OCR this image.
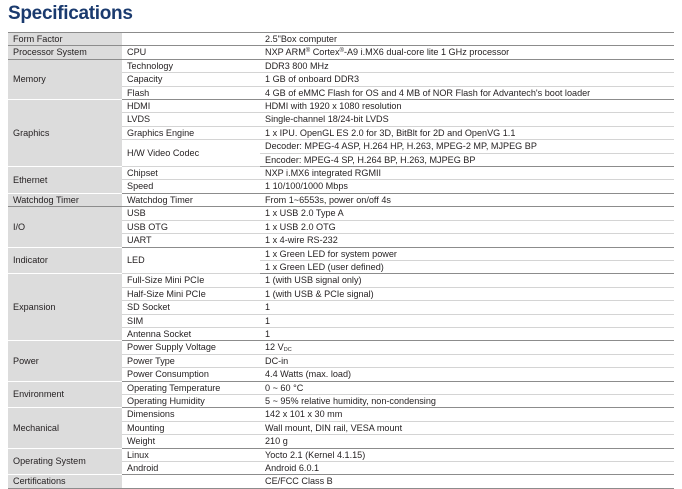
Specifications
Form Factor		2.5"Box computer
Processor System	CPU	NXP ARM® Cortex®-A9 i.MX6 dual-core lite 1 GHz processor
Memory	Technology	DDR3 800 MHz
	Capacity	1 GB of onboard DDR3
	Flash	4 GB of eMMC Flash for OS and 4 MB of NOR Flash for Advantech's boot loader
Graphics	HDMI	HDMI with 1920 x 1080 resolution
	LVDS	Single-channel 18/24-bit LVDS
	Graphics Engine	1 x IPU. OpenGL ES 2.0 for 3D, BitBlt for 2D and OpenVG 1.1
	H/W Video Codec	Decoder: MPEG-4 ASP, H.264 HP, H.263, MPEG-2 MP, MJPEG BP
		Encoder: MPEG-4 SP, H.264 BP, H.263, MJPEG BP
Ethernet	Chipset	NXP i.MX6 integrated RGMII
	Speed	1 10/100/1000 Mbps
Watchdog Timer	Watchdog Timer	From 1~6553s, power on/off 4s
I/O	USB	1 x USB 2.0 Type A
	USB OTG	1 x USB 2.0 OTG
	UART	1 x 4-wire RS-232
Indicator	LED	1 x Green LED for system power
		1 x Green LED (user defined)
Expansion	Full-Size Mini PCIe	1 (with USB signal only)
	Half-Size Mini PCIe	1 (with USB & PCIe signal)
	SD Socket	1
	SIM	1
	Antenna Socket	1
Power	Power Supply Voltage	12 $V_{DC}$
	Power Type	DC-in
	Power Consumption	4.4 Watts (max. load)
Environment	Operating Temperature	0 ~ 60 °C
	Operating Humidity	5 ~ 95% relative humidity, non-condensing
Mechanical	Dimensions	142 x 101 x 30 mm
	Mounting	Wall mount, DIN rail, VESA mount
	Weight	210 g
Operating System	Linux	Yocto 2.1 (Kernel 4.1.15)
	Android	Android 6.0.1
Certifications		CE/FCC Class B
